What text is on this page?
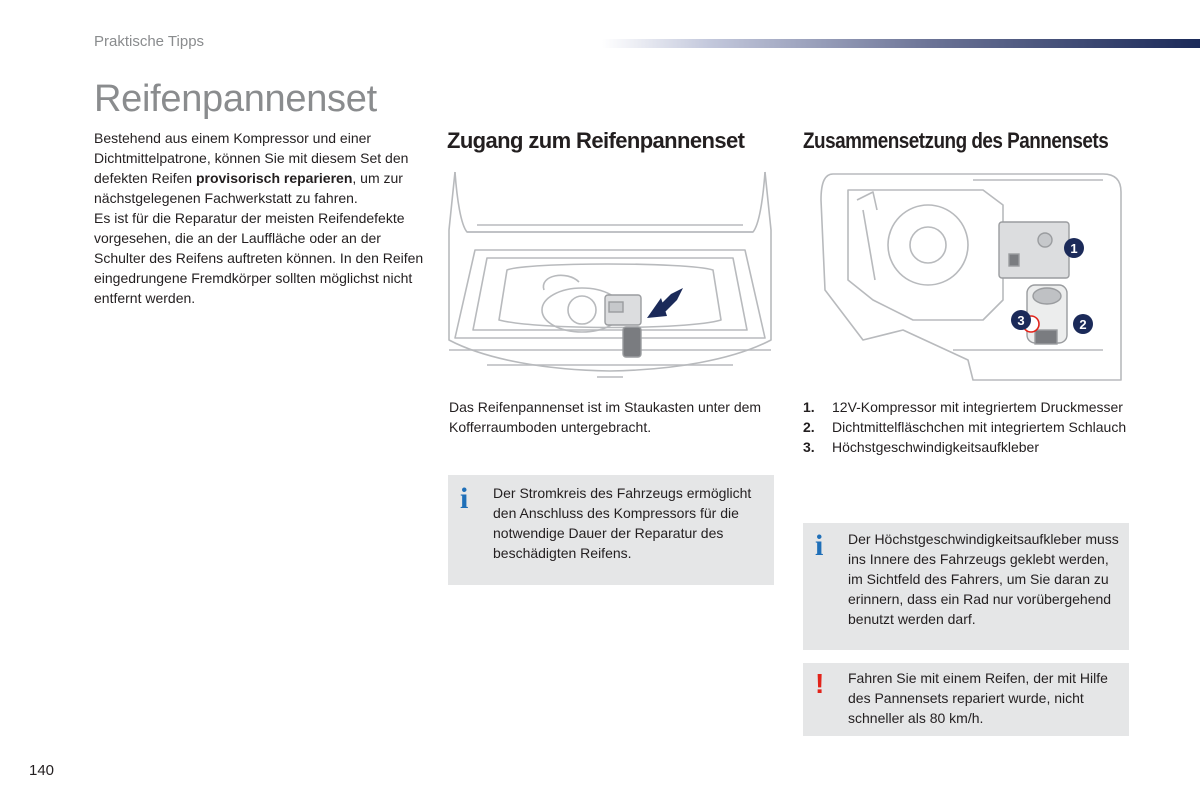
Praktische Tipps
Reifenpannenset

Bestehend aus einem Kompressor und einer Dichtmittelpatrone, können Sie mit diesem Set den defekten Reifen provisorisch reparieren, um zur nächstgelegenen Fachwerkstatt zu fahren.

Es ist für die Reparatur der meisten Reifendefekte vorgesehen, die an der Lauffläche oder an der Schulter des Reifens auftreten können. In den Reifen eingedrungene Fremdkörper sollten möglichst nicht entfernt werden.

Zugang zum Reifenpannenset
Das Reifenpannenset ist im Staukasten unter dem Kofferraumboden untergebracht.
i Der Stromkreis des Fahrzeugs ermöglicht den Anschluss des Kompressors für die notwendige Dauer der Reparatur des beschädigten Reifens.
Zusammensetzung des Pannensets
1
2
3
1. 12V-Kompressor mit integriertem Druckmesser
2. Dichtmittelfläschchen mit integriertem Schlauch
3. Höchstgeschwindigkeitsaufkleber
i Der Höchstgeschwindigkeitsaufkleber muss ins Innere des Fahrzeugs geklebt werden, im Sichtfeld des Fahrers, um Sie daran zu erinnern, dass ein Rad nur vorübergehend benutzt werden darf.
! Fahren Sie mit einem Reifen, der mit Hilfe des Pannensets repariert wurde, nicht schneller als 80 km/h.
140
